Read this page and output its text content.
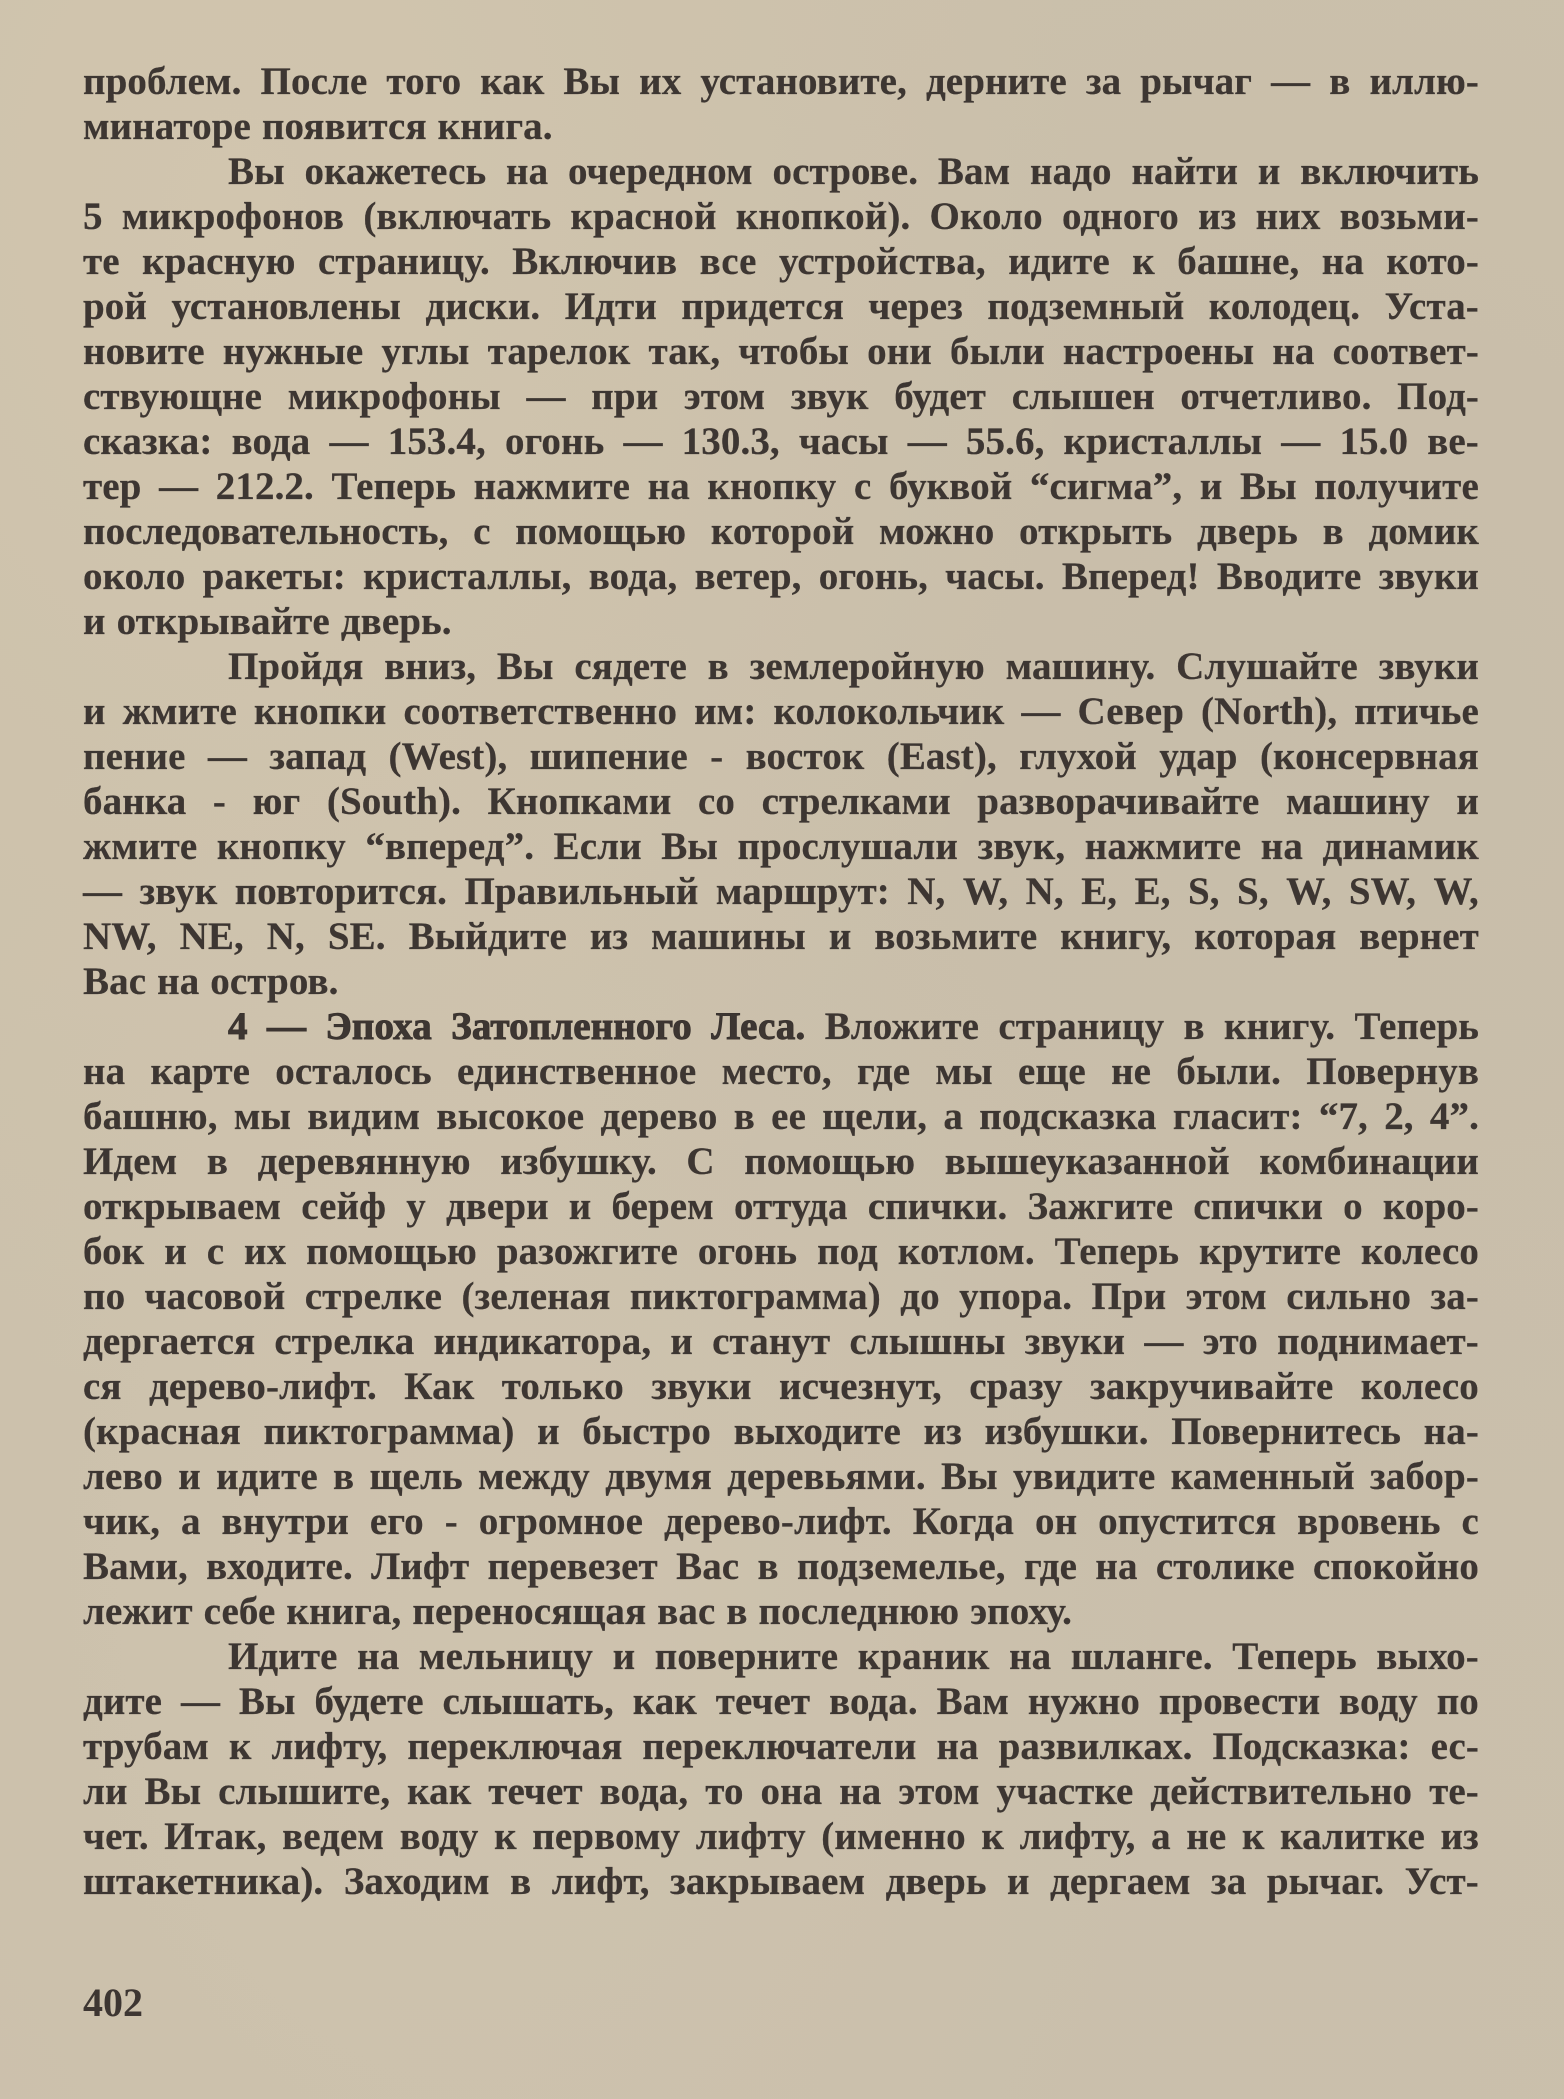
проблем. После того как Вы их установите, дерните за рычаг — в иллю-
минаторе появится книга.
Вы окажетесь на очередном острове. Вам надо найти и включить
5 микрофонов (включать красной кнопкой). Около одного из них возьми-
те красную страницу. Включив все устройства, идите к башне, на кото-
рой установлены диски. Идти придется через подземный колодец. Уста-
новите нужные углы тарелок так, чтобы они были настроены на соответ-
ствующне микрофоны — при этом звук будет слышен отчетливо. Под-
сказка: вода — 153.4, огонь — 130.3, часы — 55.6, кристаллы — 15.0 ве-
тер — 212.2. Теперь нажмите на кнопку с буквой “сигма”, и Вы получите
последовательность, с помощью которой можно открыть дверь в домик
около ракеты: кристаллы, вода, ветер, огонь, часы. Вперед! Вводите звуки
и открывайте дверь.
Пройдя вниз, Вы сядете в землеройную машину. Слушайте звуки
и жмите кнопки соответственно им: колокольчик — Север (North), птичье
пение — запад (West), шипение - восток (East), глухой удар (консервная
банка - юг (South). Кнопками со стрелками разворачивайте машину и
жмите кнопку “вперед”. Если Вы прослушали звук, нажмите на динамик
— звук повторится. Правильный маршрут: N, W, N, E, E, S, S, W, SW, W,
NW, NE, N, SE. Выйдите из машины и возьмите книгу, которая вернет
Вас на остров.
4 — Эпоха Затопленного Леса. Вложите страницу в книгу. Теперь
на карте осталось единственное место, где мы еще не были. Повернув
башню, мы видим высокое дерево в ее щели, а подсказка гласит: “7, 2, 4”.
Идем в деревянную избушку. С помощью вышеуказанной комбинации
открываем сейф у двери и берем оттуда спички. Зажгите спички о коро-
бок и с их помощью разожгите огонь под котлом. Теперь крутите колесо
по часовой стрелке (зеленая пиктограмма) до упора. При этом сильно за-
дергается стрелка индикатора, и станут слышны звуки — это поднимает-
ся дерево-лифт. Как только звуки исчезнут, сразу закручивайте колесо
(красная пиктограмма) и быстро выходите из избушки. Повернитесь на-
лево и идите в щель между двумя деревьями. Вы увидите каменный забор-
чик, а внутри его - огромное дерево-лифт. Когда он опустится вровень с
Вами, входите. Лифт перевезет Вас в подземелье, где на столике спокойно
лежит себе книга, переносящая вас в последнюю эпоху.
Идите на мельницу и поверните краник на шланге. Теперь выхо-
дите — Вы будете слышать, как течет вода. Вам нужно провести воду по
трубам к лифту, переключая переключатели на развилках. Подсказка: ес-
ли Вы слышите, как течет вода, то она на этом участке действительно те-
чет. Итак, ведем воду к первому лифту (именно к лифту, а не к калитке из
штакетника). Заходим в лифт, закрываем дверь и дергаем за рычаг. Уст-
402
